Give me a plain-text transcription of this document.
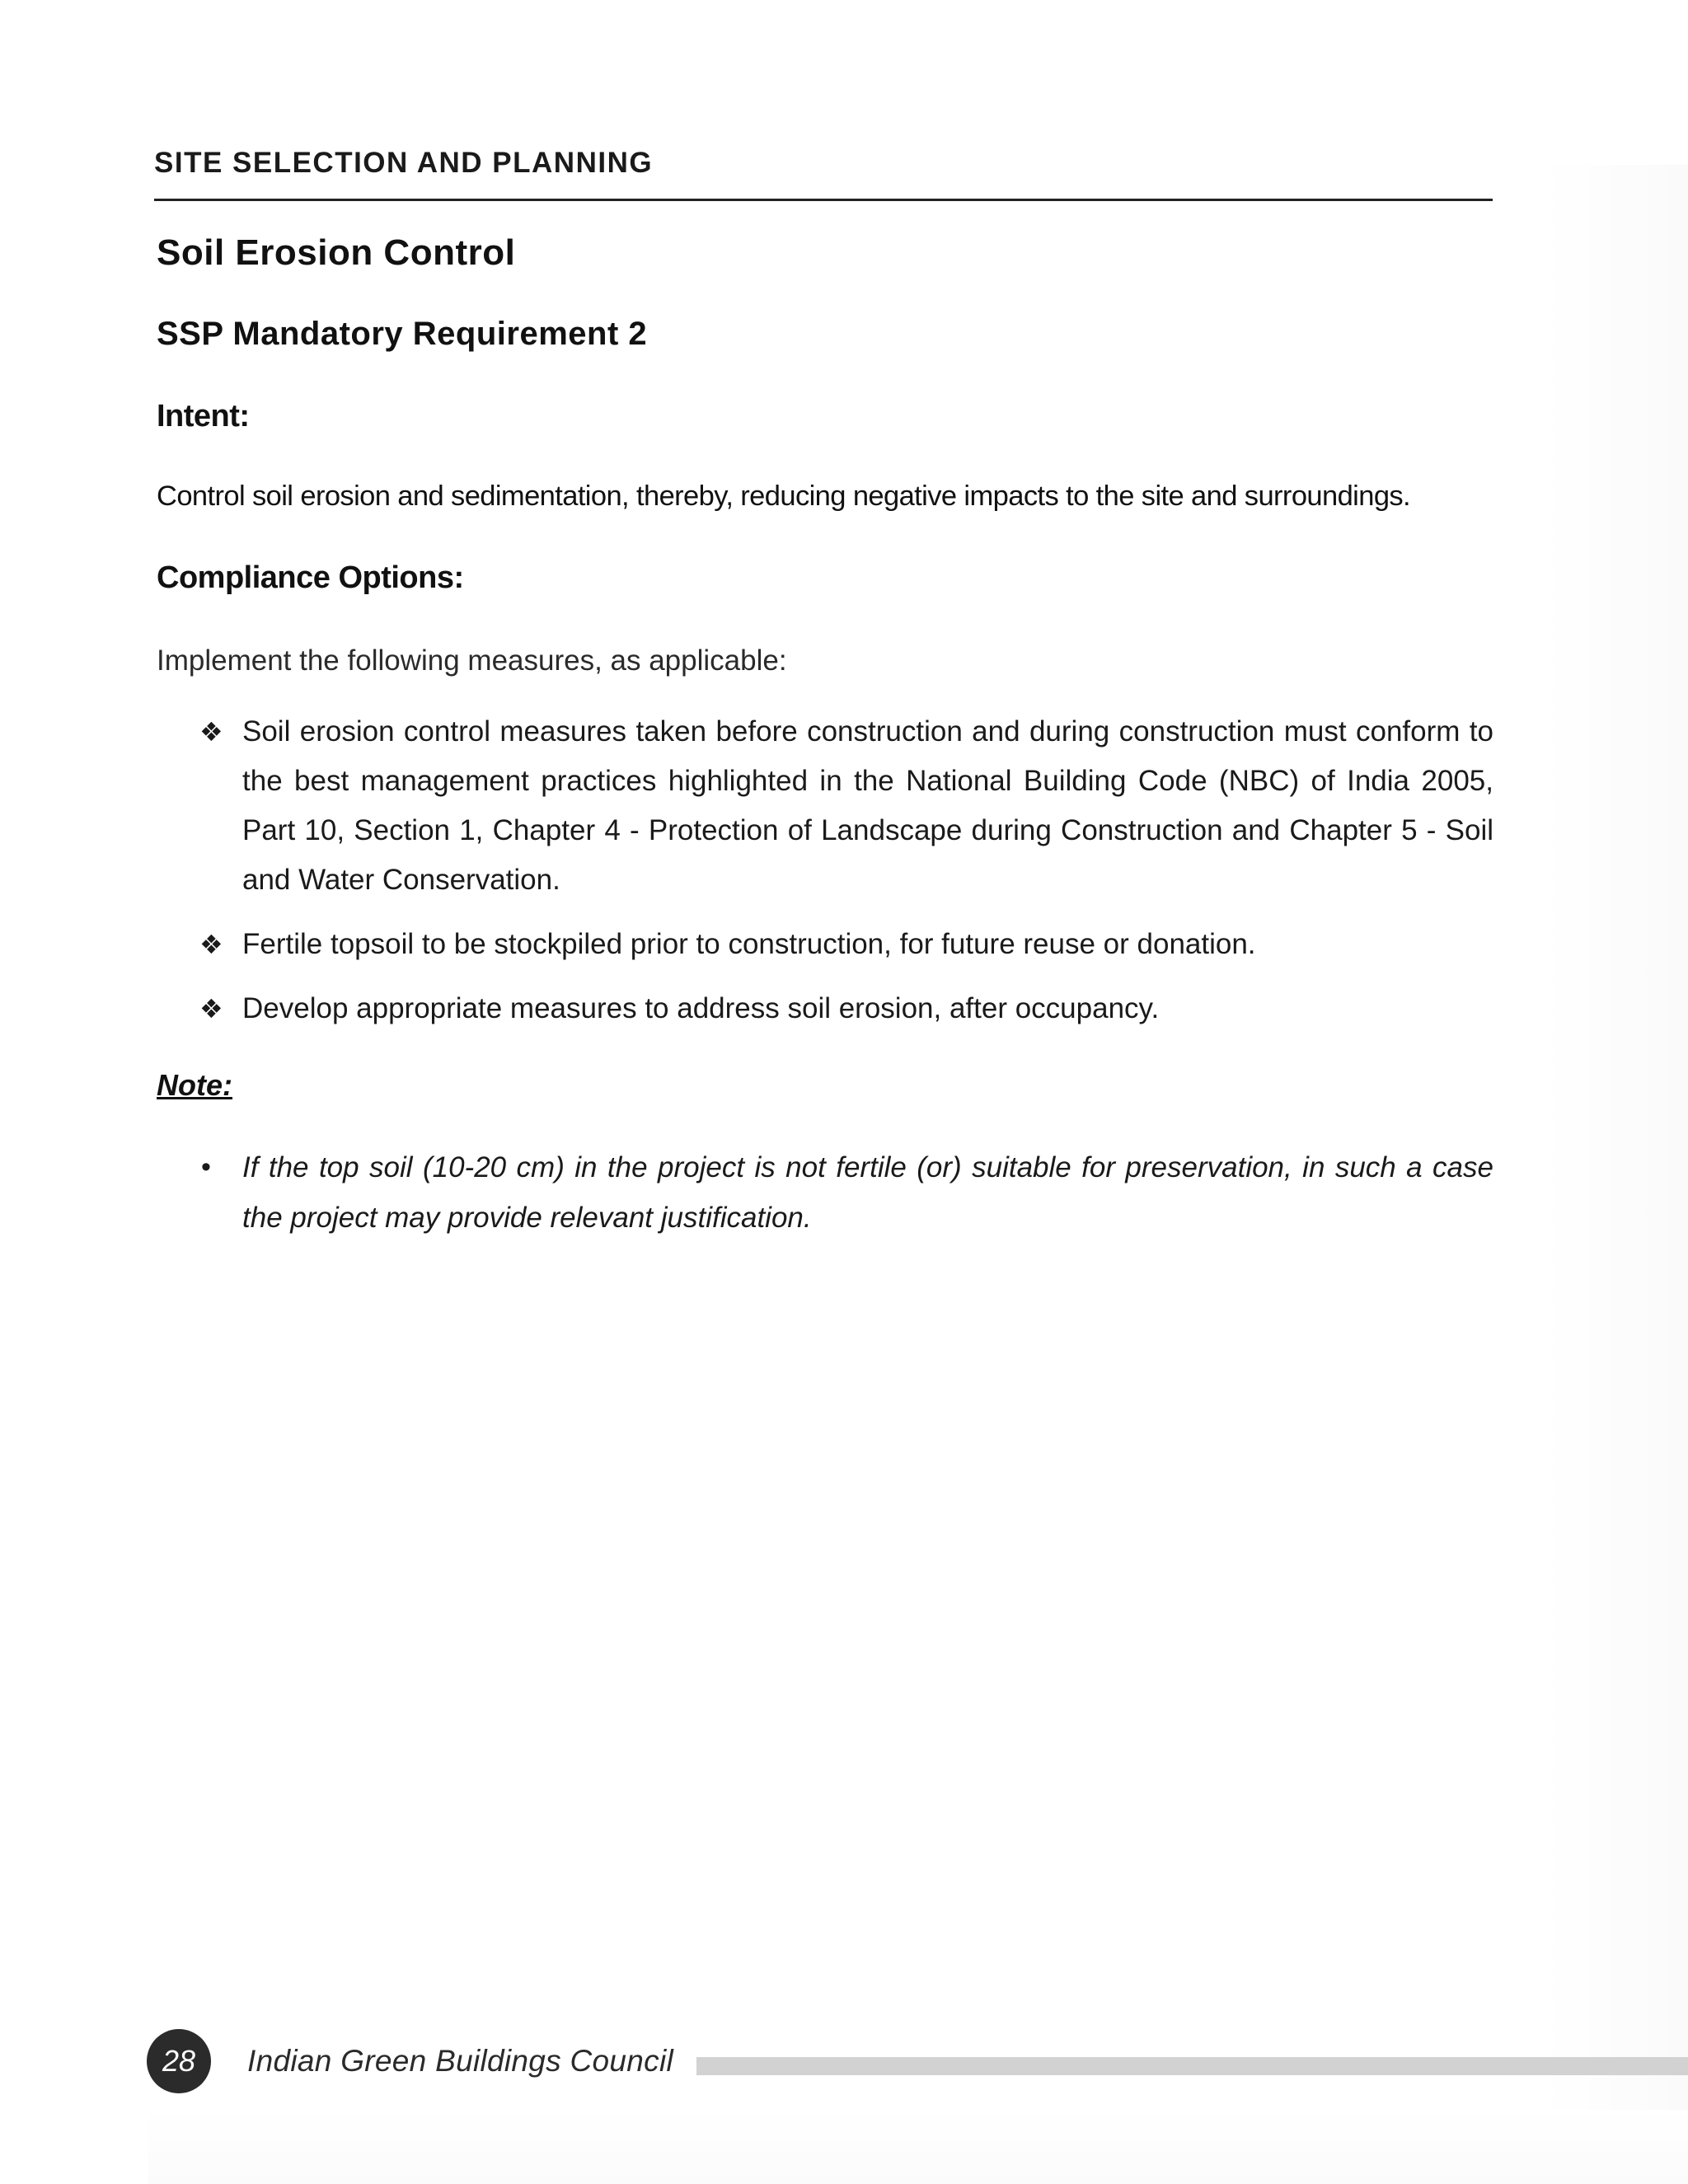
SITE SELECTION AND PLANNING
Soil Erosion Control
SSP Mandatory Requirement 2
Intent:
Control soil erosion and sedimentation, thereby, reducing negative impacts to the site and surroundings.
Compliance Options:
Implement the following measures, as applicable:
❖ Soil erosion control measures taken before construction and during construction must conform to the best management practices highlighted in the National Building Code (NBC) of India 2005, Part 10, Section 1, Chapter 4 - Protection of Landscape during Construction and Chapter 5 - Soil and Water Conservation.
❖ Fertile topsoil to be stockpiled prior to construction, for future reuse or donation.
❖ Develop appropriate measures to address soil erosion, after occupancy.
Note:
• If the top soil (10-20 cm) in the project is not fertile (or) suitable for preservation, in such a case the project may provide relevant justification.
28	Indian Green Buildings Council
